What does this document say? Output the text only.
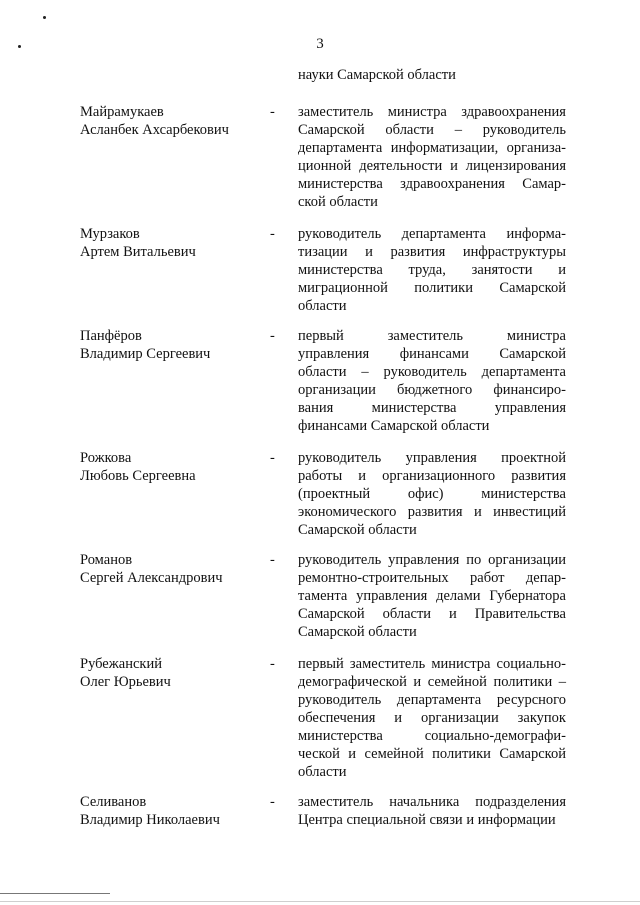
3
науки Самарской области
Майрамукаев
Асланбек Ахсарбекович
- заместитель министра здравоохранения
Самарской области – руководитель
департамента информатизации, организа-
ционной деятельности и лицензирования
министерства здравоохранения Самар-
ской области
Мурзаков
Артем Витальевич
- руководитель департамента информа-
тизации и развития инфраструктуры
министерства труда, занятости и
миграционной политики Самарской
области
Панфёров
Владимир Сергеевич
- первый	заместитель	министра
управления финансами Самарской
области – руководитель департамента
организации бюджетного финансиро-
вания	министерства	управления
финансами Самарской области
Рожкова
Любовь Сергеевна
- руководитель управления проектной
работы и организационного развития
(проектный	офис)	министерства
экономического развития и инвестиций
Самарской области
Романов
Сергей Александрович
- руководитель управления по организации
ремонтно-строительных работ депар-
тамента управления делами Губернатора
Самарской области и Правительства
Самарской области
Рубежанский
Олег Юрьевич
- первый заместитель министра социально-
демографической и семейной политики –
руководитель департамента ресурсного
обеспечения и организации закупок
министерства	социально-демографи-
ческой и семейной политики Самарской
области
Селиванов
Владимир Николаевич
- заместитель начальника подразделения
Центра специальной связи и информации
